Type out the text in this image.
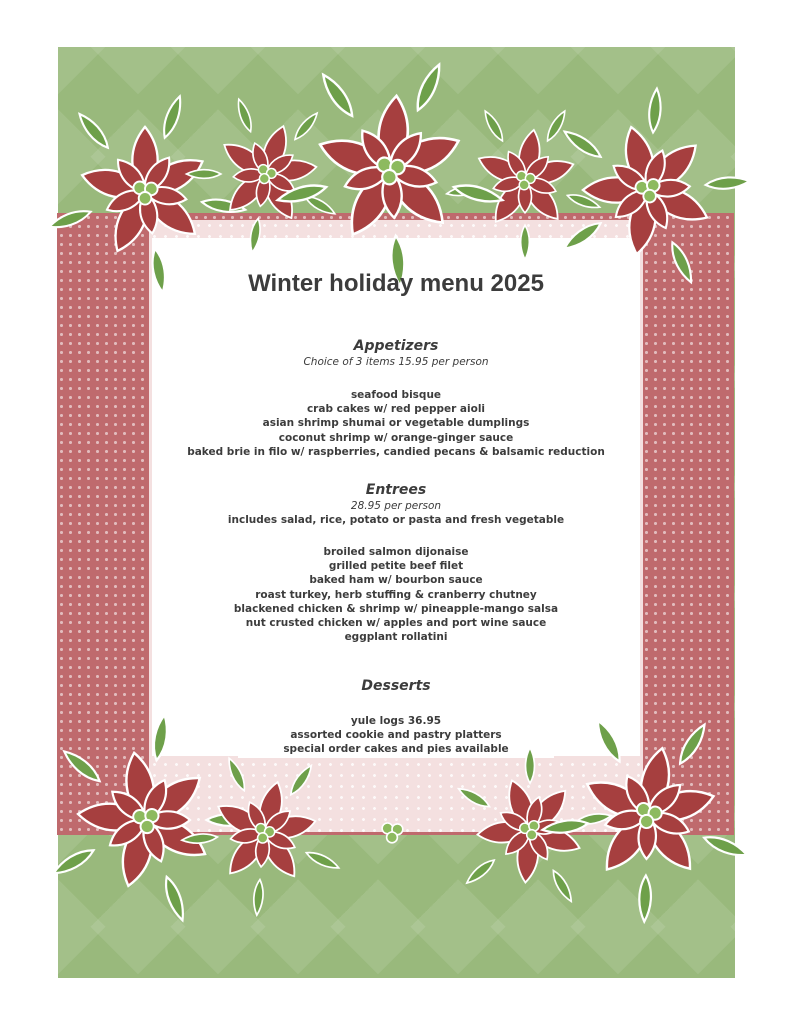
Winter holiday menu 2025
Appetizers
Choice of 3 items 15.95 per person
seafood bisque
crab cakes w/ red pepper aioli
asian shrimp shumai or vegetable dumplings
coconut shrimp w/ orange-ginger sauce
baked brie in filo w/ raspberries, candied pecans & balsamic reduction
Entrees
28.95 per person
includes salad, rice, potato or pasta and fresh vegetable
broiled salmon dijonaise
grilled petite beef filet
baked ham w/ bourbon sauce
roast turkey, herb stuffing & cranberry chutney
blackened chicken & shrimp w/ pineapple-mango salsa
nut crusted chicken w/ apples and port wine sauce
eggplant rollatini
Desserts
yule logs 36.95
assorted cookie and pastry platters
special order cakes and pies available
